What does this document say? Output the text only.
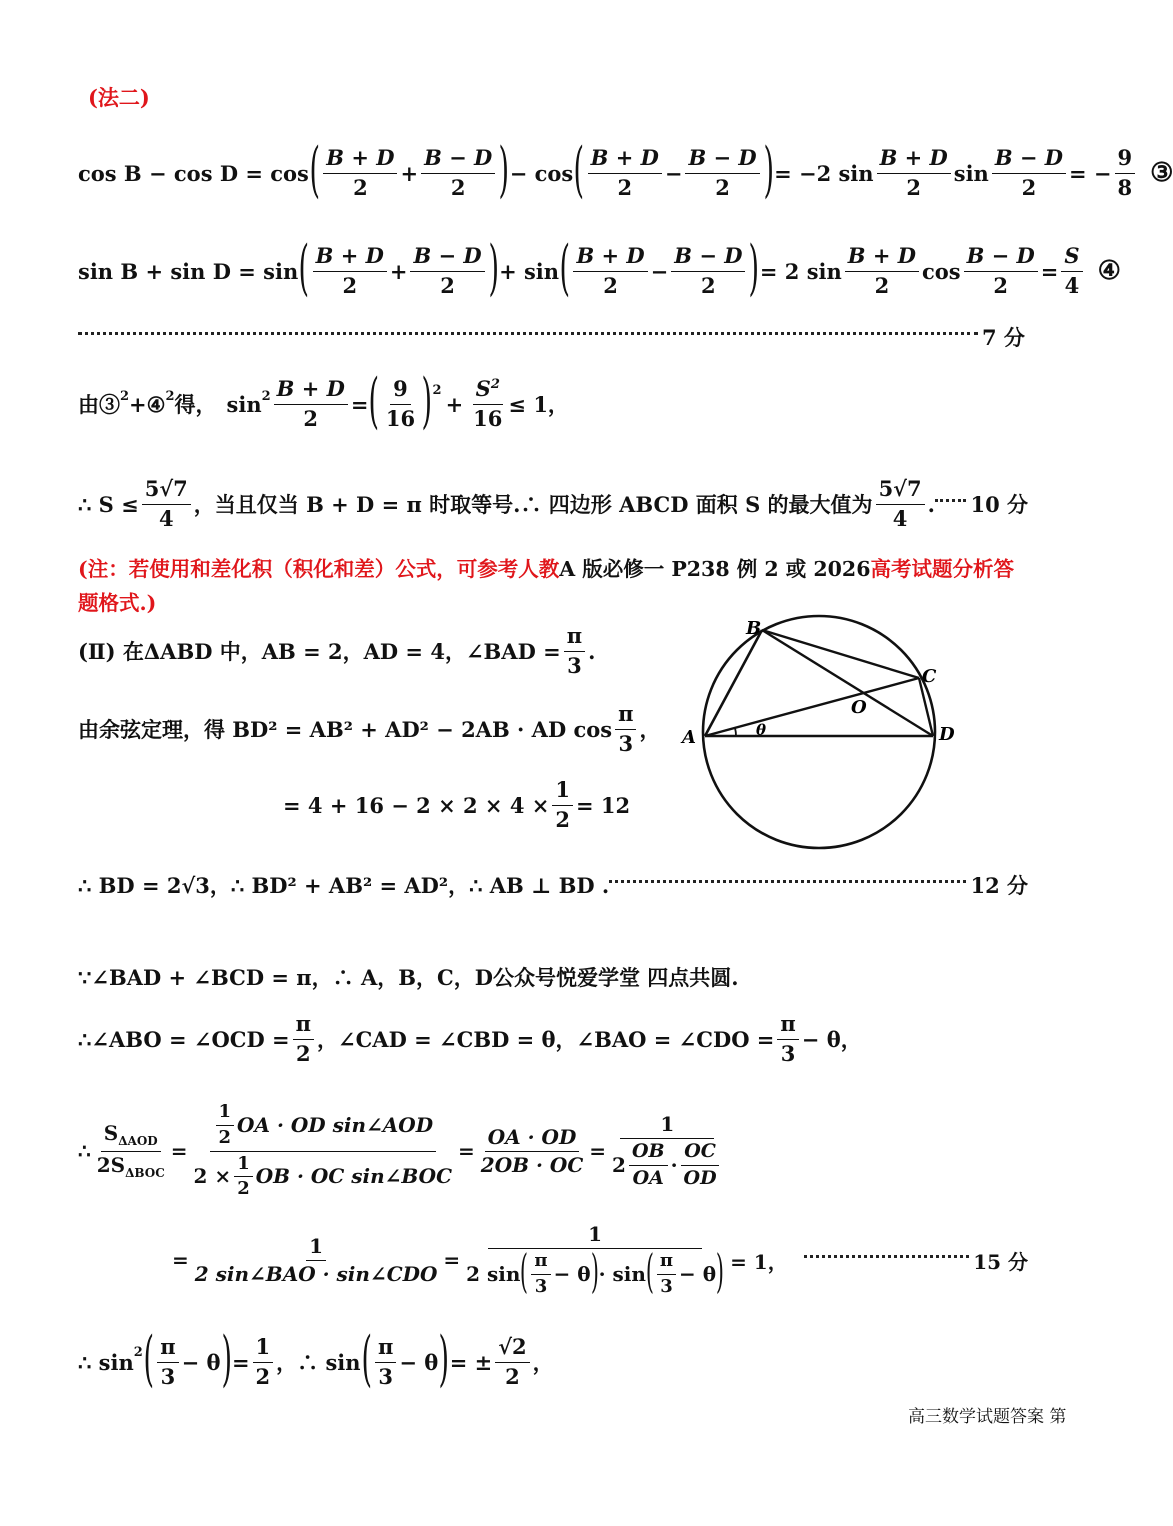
(法二)
cos B − cos D = cos ( $\frac{B + D}{2} + \frac{B - D}{2}$ ) − cos ( $\frac{B + D}{2} - \frac{B - D}{2}$ ) = −2 $\sin \frac{B + D}{2}$ $\sin \frac{B - D}{2}$ = − $\frac{9}{8}$ ③
sin B + sin D = sin ( $\frac{B + D}{2} + \frac{B - D}{2}$ ) + sin ( $\frac{B + D}{2} - \frac{B - D}{2}$ ) = 2 $\sin \frac{B + D}{2}$ $\cos \frac{B - D}{2} = \frac{S}{4}$ ④
7 分
由③$^2$ +④$^2$ 得， $\sin^2 \frac{B + D}{2}$ = ( $\frac{9}{16} )^2$
+ $\frac{S^2}{16} \le 1$，
∴ $S \le \frac{5√7}{4}$ ，当且仅当 B + D = π 时取等号.∴ 四边形 ABCD 面积 S 的最大值为 $\frac{5√7}{4}$ . 10 分
(注：若使用和差化积（积化和差）公式，可参考人教A 版必修一 P238 例 2 或 2026高考试题分析答
题格式.)
(Ⅱ) 在ΔABD 中，AB = 2，AD = 4，∠BAD = $\frac{\pi}{3}$ .
由余弦定理，得 BD² = AB² + AD² − 2AB · AD $\cos \frac{\pi}{3}$ ，
= $4 + 16 - 2 \times 2 \times 4 \times \frac{1}{2} = 12$
B
C
O
A	D
θ
∴ BD = 2√3，∴ BD² + AB² = AD²，∴ AB ⊥ BD .	12 分
∵∠BAD + ∠BCD = π，∴ A，B，C，D公众号悦爱学堂 四点共圆.
∴∠ABO = ∠OCD = $\frac{\pi}{2}$ ，∠CAD = ∠CBD = θ，∠BAO = ∠CDO = $\frac{\pi}{3} - \theta$，
∴ $\frac{S_{\Delta AOD}}{2S_{\Delta BOC}} = \frac{\frac{1}{2} OA \cdot OD \sin\angle AOD}{2 \times \frac{1}{2} OB \cdot OC \sin\angle BOC} = \frac{OA \cdot OD}{2OB \cdot OC} = \frac{1}{2 \frac{OB}{OA} \cdot \frac{OC}{OD}}$
= $\frac{1}{\text{2 sin∠BAO · sin∠CDO}} = \frac{1}{2 \sin ( \frac{\pi}{3} - \theta ) \cdot \sin ( \frac{\pi}{3} - \theta )} = 1$，	15 分
∴ $\sin^2$ ( $\frac{\pi}{3} - \theta$ ) = $\frac{1}{2}$ ，∴ sin ( $\frac{\pi}{3} - \theta$ ) = ± $\frac{√2}{2}$ ，
高三数学试题答案 第
